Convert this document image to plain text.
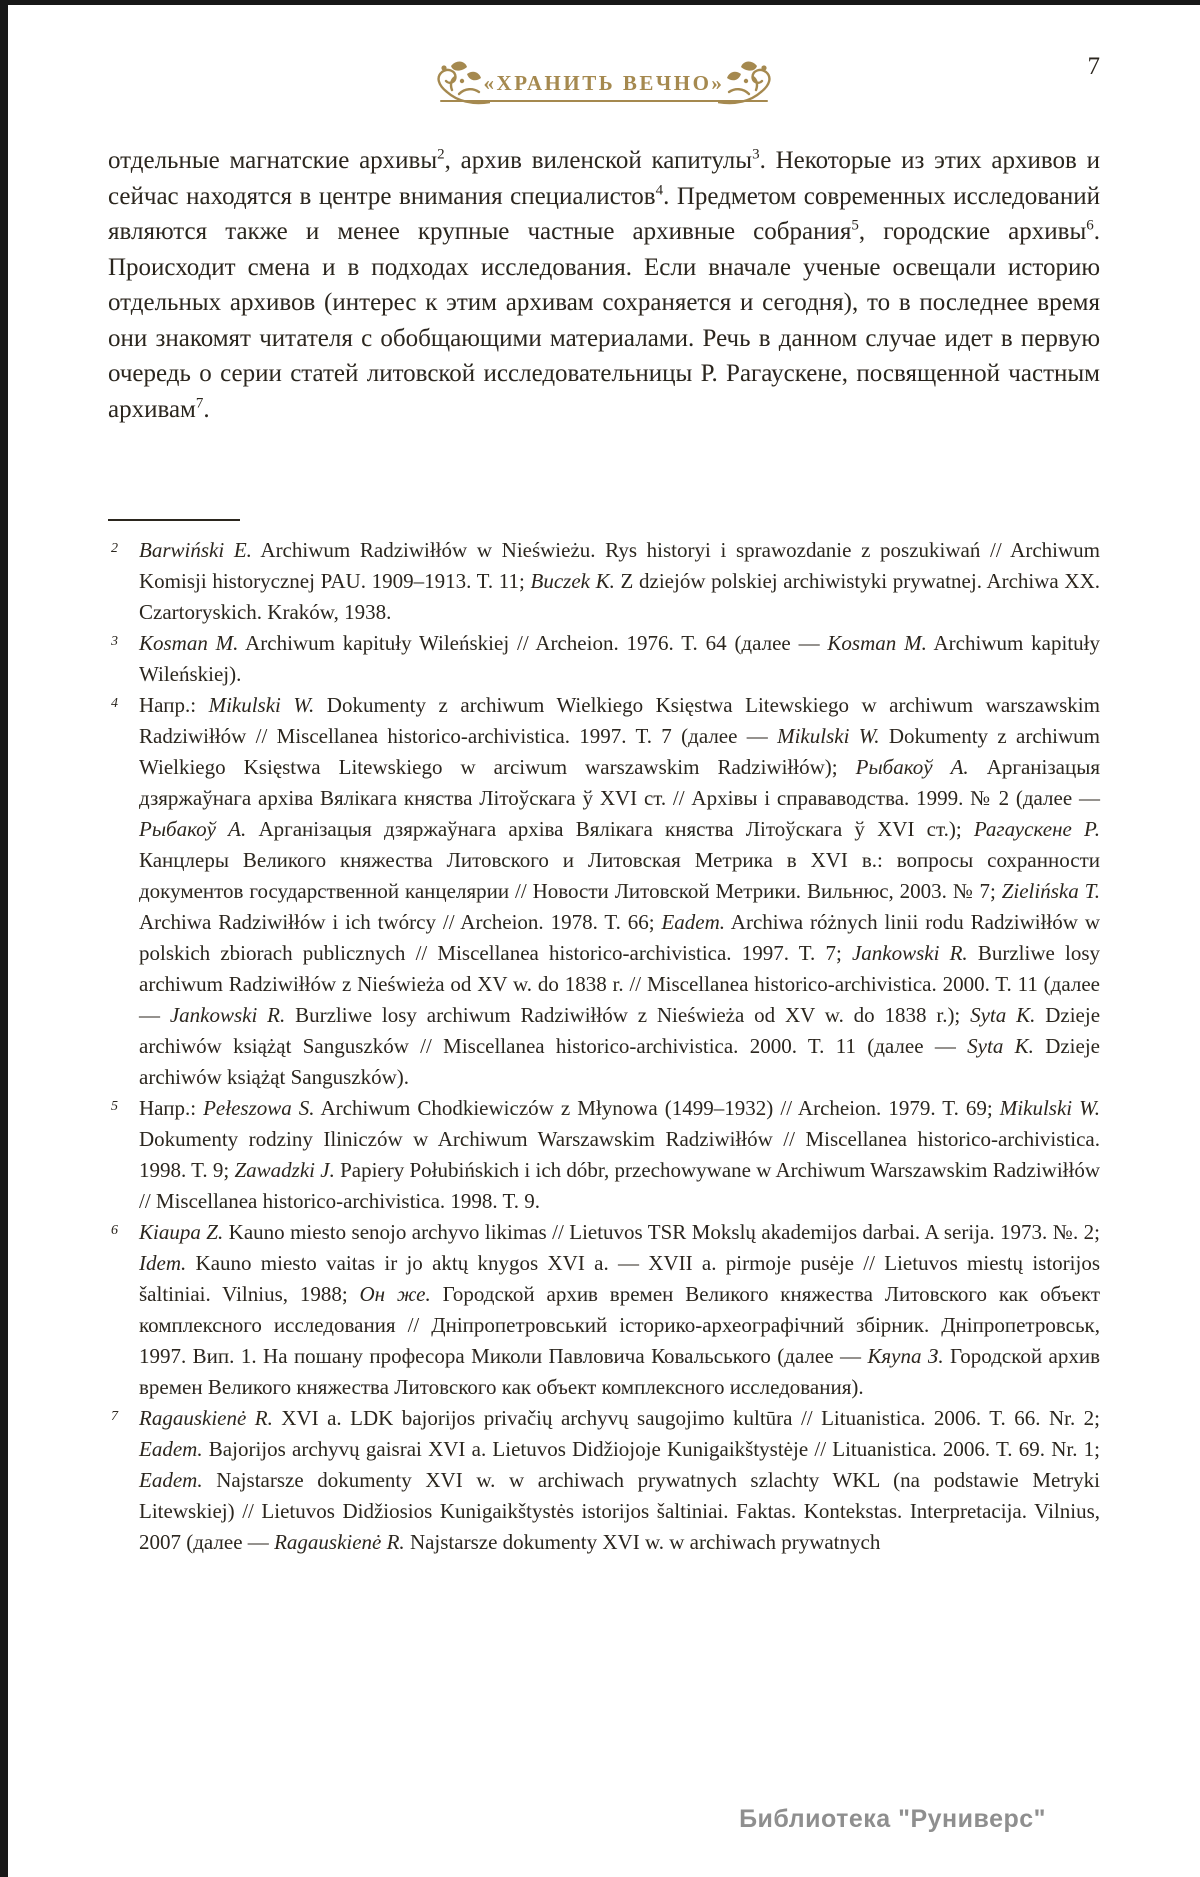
«ХРАНИТЬ ВЕЧНО»
7

отдельные магнатские архивы$^2$, архив виленской капитулы$^3$. Некоторые из этих архивов и сейчас находятся в центре внимания специалистов$^4$. Предметом современных исследований являются также и менее крупные частные архивные собрания$^5$, городские архивы$^6$. Происходит смена и в подходах исследования. Если вначале ученые освещали историю отдельных архивов (интерес к этим архивам сохраняется и сегодня), то в последнее время они знакомят читателя с обобщающими материалами. Речь в данном случае идет в первую очередь о серии статей литовской исследовательницы Р. Рагаускене, посвященной частным архивам$^7$.

2 Barwiński E. Archiwum Radziwiłłów w Nieświeżu. Rys historyi i sprawozdanie z poszukiwań // Archiwum Komisji historycznej PAU. 1909–1913. T. 11; Buczek K. Z dziejów polskiej archiwistyki prywatnej. Archiwa XX. Czartoryskich. Kraków, 1938.
3 Kosman M. Archiwum kapituły Wileńskiej // Archeion. 1976. T. 64 (далее — Kosman M. Archiwum kapituły Wileńskiej).
4 Напр.: Mikulski W. Dokumenty z archiwum Wielkiego Księstwa Litewskiego w archiwum warszawskim Radziwiłłów // Miscellanea historico-archivistica. 1997. T. 7 (далее — Mikulski W. Dokumenty z archiwum Wielkiego Księstwa Litewskiego w arciwum warszawskim Radziwiłłów); Рыбакоў А. Арганізацыя дзяржаўнага архіва Вялікага княства Літоўскага ў XVI ст. // Архівы і справаводства. 1999. № 2 (далее — Рыбакоў А. Арганізацыя дзяржаўнага архіва Вялікага княства Літоўскага ў XVI ст.); Рагаускене Р. Канцлеры Великого княжества Литовского и Литовская Метрика в XVI в.: вопросы сохранности документов государственной канцелярии // Новости Литовской Метрики. Вильнюс, 2003. № 7; Zielińska T. Archiwa Radziwiłłów i ich twórcy // Archeion. 1978. T. 66; Eadem. Archiwa różnych linii rodu Radziwiłłów w polskich zbiorach publicznych // Miscellanea historico-archivistica. 1997. T. 7; Jankowski R. Burzliwe losy archiwum Radziwiłłów z Nieświeża od XV w. do 1838 r. // Miscellanea historico-archivistica. 2000. T. 11 (далее — Jankowski R. Burzliwe losy archiwum Radziwiłłów z Nieświeża od XV w. do 1838 r.); Syta K. Dzieje archiwów książąt Sanguszków // Miscellanea historico-archivistica. 2000. T. 11 (далее — Syta K. Dzieje archiwów książąt Sanguszków).
5 Напр.: Pełeszowa S. Archiwum Chodkiewiczów z Młynowa (1499–1932) // Archeion. 1979. T. 69; Mikulski W. Dokumenty rodziny Iliniczów w Archiwum Warszawskim Radziwiłłów // Miscellanea historico-archivistica. 1998. T. 9; Zawadzki J. Papiery Połubińskich i ich dóbr, przechowywane w Archiwum Warszawskim Radziwiłłów // Miscellanea historico-archivistica. 1998. T. 9.
6 Kiaupa Z. Kauno miesto senojo archyvo likimas // Lietuvos TSR Mokslų akademijos darbai. A serija. 1973. №. 2; Idem. Kauno miesto vaitas ir jo aktų knygos XVI a. — XVII a. pirmoje pusėje // Lietuvos miestų istorijos šaltiniai. Vilnius, 1988; Он же. Городской архив времен Великого княжества Литовского как объект комплексного исследования // Дніпропетровський історико-археографічний збірник. Дніпропетровськ, 1997. Вип. 1. На пошану професора Миколи Павловича Ковальського (далее — Кяупа З. Городской архив времен Великого княжества Литовского как объект комплексного исследования).
7 Ragauskienė R. XVI a. LDK bajorijos privačių archyvų saugojimo kultūra // Lituanistica. 2006. T. 66. Nr. 2; Eadem. Bajorijos archyvų gaisrai XVI a. Lietuvos Didžiojoje Kunigaikštystėje // Lituanistica. 2006. T. 69. Nr. 1; Eadem. Najstarsze dokumenty XVI w. w archiwach prywatnych szlachty WKL (na podstawie Metryki Litewskiej) // Lietuvos Didžiosios Kunigaikštystės istorijos šaltiniai. Faktas. Kontekstas. Interpretacija. Vilnius, 2007 (далее — Ragauskienė R. Najstarsze dokumenty XVI w. w archiwach prywatnych
Библиотека "Руниверс"
